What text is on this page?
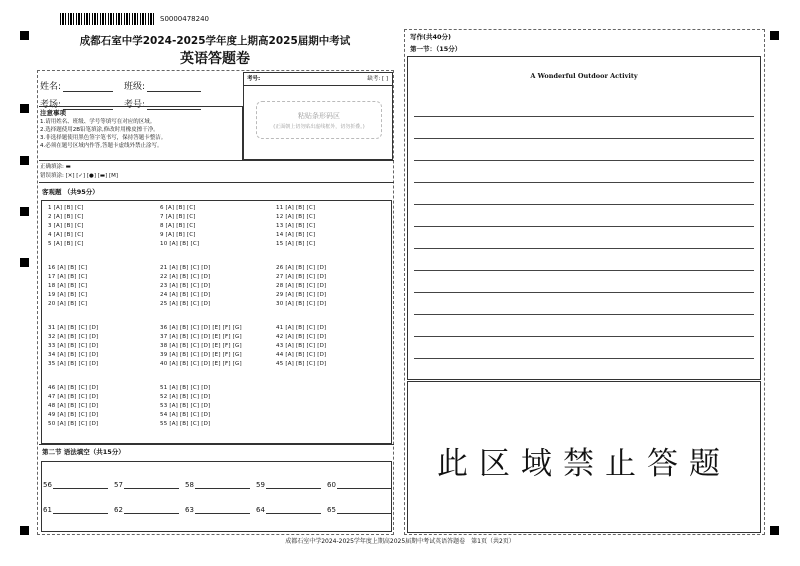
S0000478240
成都石室中学2024-2025学年度上期高2025届期中考试
英语答题卷
姓名:	班级:
考场:	考号:
考号:	缺考: [ ]
粘贴条形码区
(正面朝上切勿贴出虚线框外，切勿折叠。)
注意事项
1.请用姓名、班级、学号等填写在对应的区域。
2.选择题使用2B铅笔填涂,修改时用橡皮擦干净。
3.非选择题使用黑色签字笔书写，保持答题卡整洁。
4.必须在题号区域内作答,答题卡虚线外禁止涂写。
正确填涂: ▬
错误填涂: [✕] [✓] [●] [▬] [M]
客观题 （共95分）
1 [A] [B] [C]
2 [A] [B] [C]
3 [A] [B] [C]
4 [A] [B] [C]
5 [A] [B] [C]
6 [A] [B] [C]
7 [A] [B] [C]
8 [A] [B] [C]
9 [A] [B] [C]
10 [A] [B] [C]
11 [A] [B] [C]
12 [A] [B] [C]
13 [A] [B] [C]
14 [A] [B] [C]
15 [A] [B] [C]
16 [A] [B] [C]
17 [A] [B] [C]
18 [A] [B] [C]
19 [A] [B] [C]
20 [A] [B] [C]
21 [A] [B] [C] [D]
22 [A] [B] [C] [D]
23 [A] [B] [C] [D]
24 [A] [B] [C] [D]
25 [A] [B] [C] [D]
26 [A] [B] [C] [D]
27 [A] [B] [C] [D]
28 [A] [B] [C] [D]
29 [A] [B] [C] [D]
30 [A] [B] [C] [D]
31 [A] [B] [C] [D]
32 [A] [B] [C] [D]
33 [A] [B] [C] [D]
34 [A] [B] [C] [D]
35 [A] [B] [C] [D]
36 [A] [B] [C] [D] [E] [F] [G]
37 [A] [B] [C] [D] [E] [F] [G]
38 [A] [B] [C] [D] [E] [F] [G]
39 [A] [B] [C] [D] [E] [F] [G]
40 [A] [B] [C] [D] [E] [F] [G]
41 [A] [B] [C] [D]
42 [A] [B] [C] [D]
43 [A] [B] [C] [D]
44 [A] [B] [C] [D]
45 [A] [B] [C] [D]
46 [A] [B] [C] [D]
47 [A] [B] [C] [D]
48 [A] [B] [C] [D]
49 [A] [B] [C] [D]
50 [A] [B] [C] [D]
51 [A] [B] [C] [D]
52 [A] [B] [C] [D]
53 [A] [B] [C] [D]
54 [A] [B] [C] [D]
55 [A] [B] [C] [D]
第二节 语法填空（共15分）
56	57	58	59	60
61	62	63	64	65
写作(共40分)
第一节：（15分）
A Wonderful Outdoor Activity
此区域禁止答题
成都石室中学2024-2025学年度上期高2025届期中考试英语答题卷　第1页（共2页）
